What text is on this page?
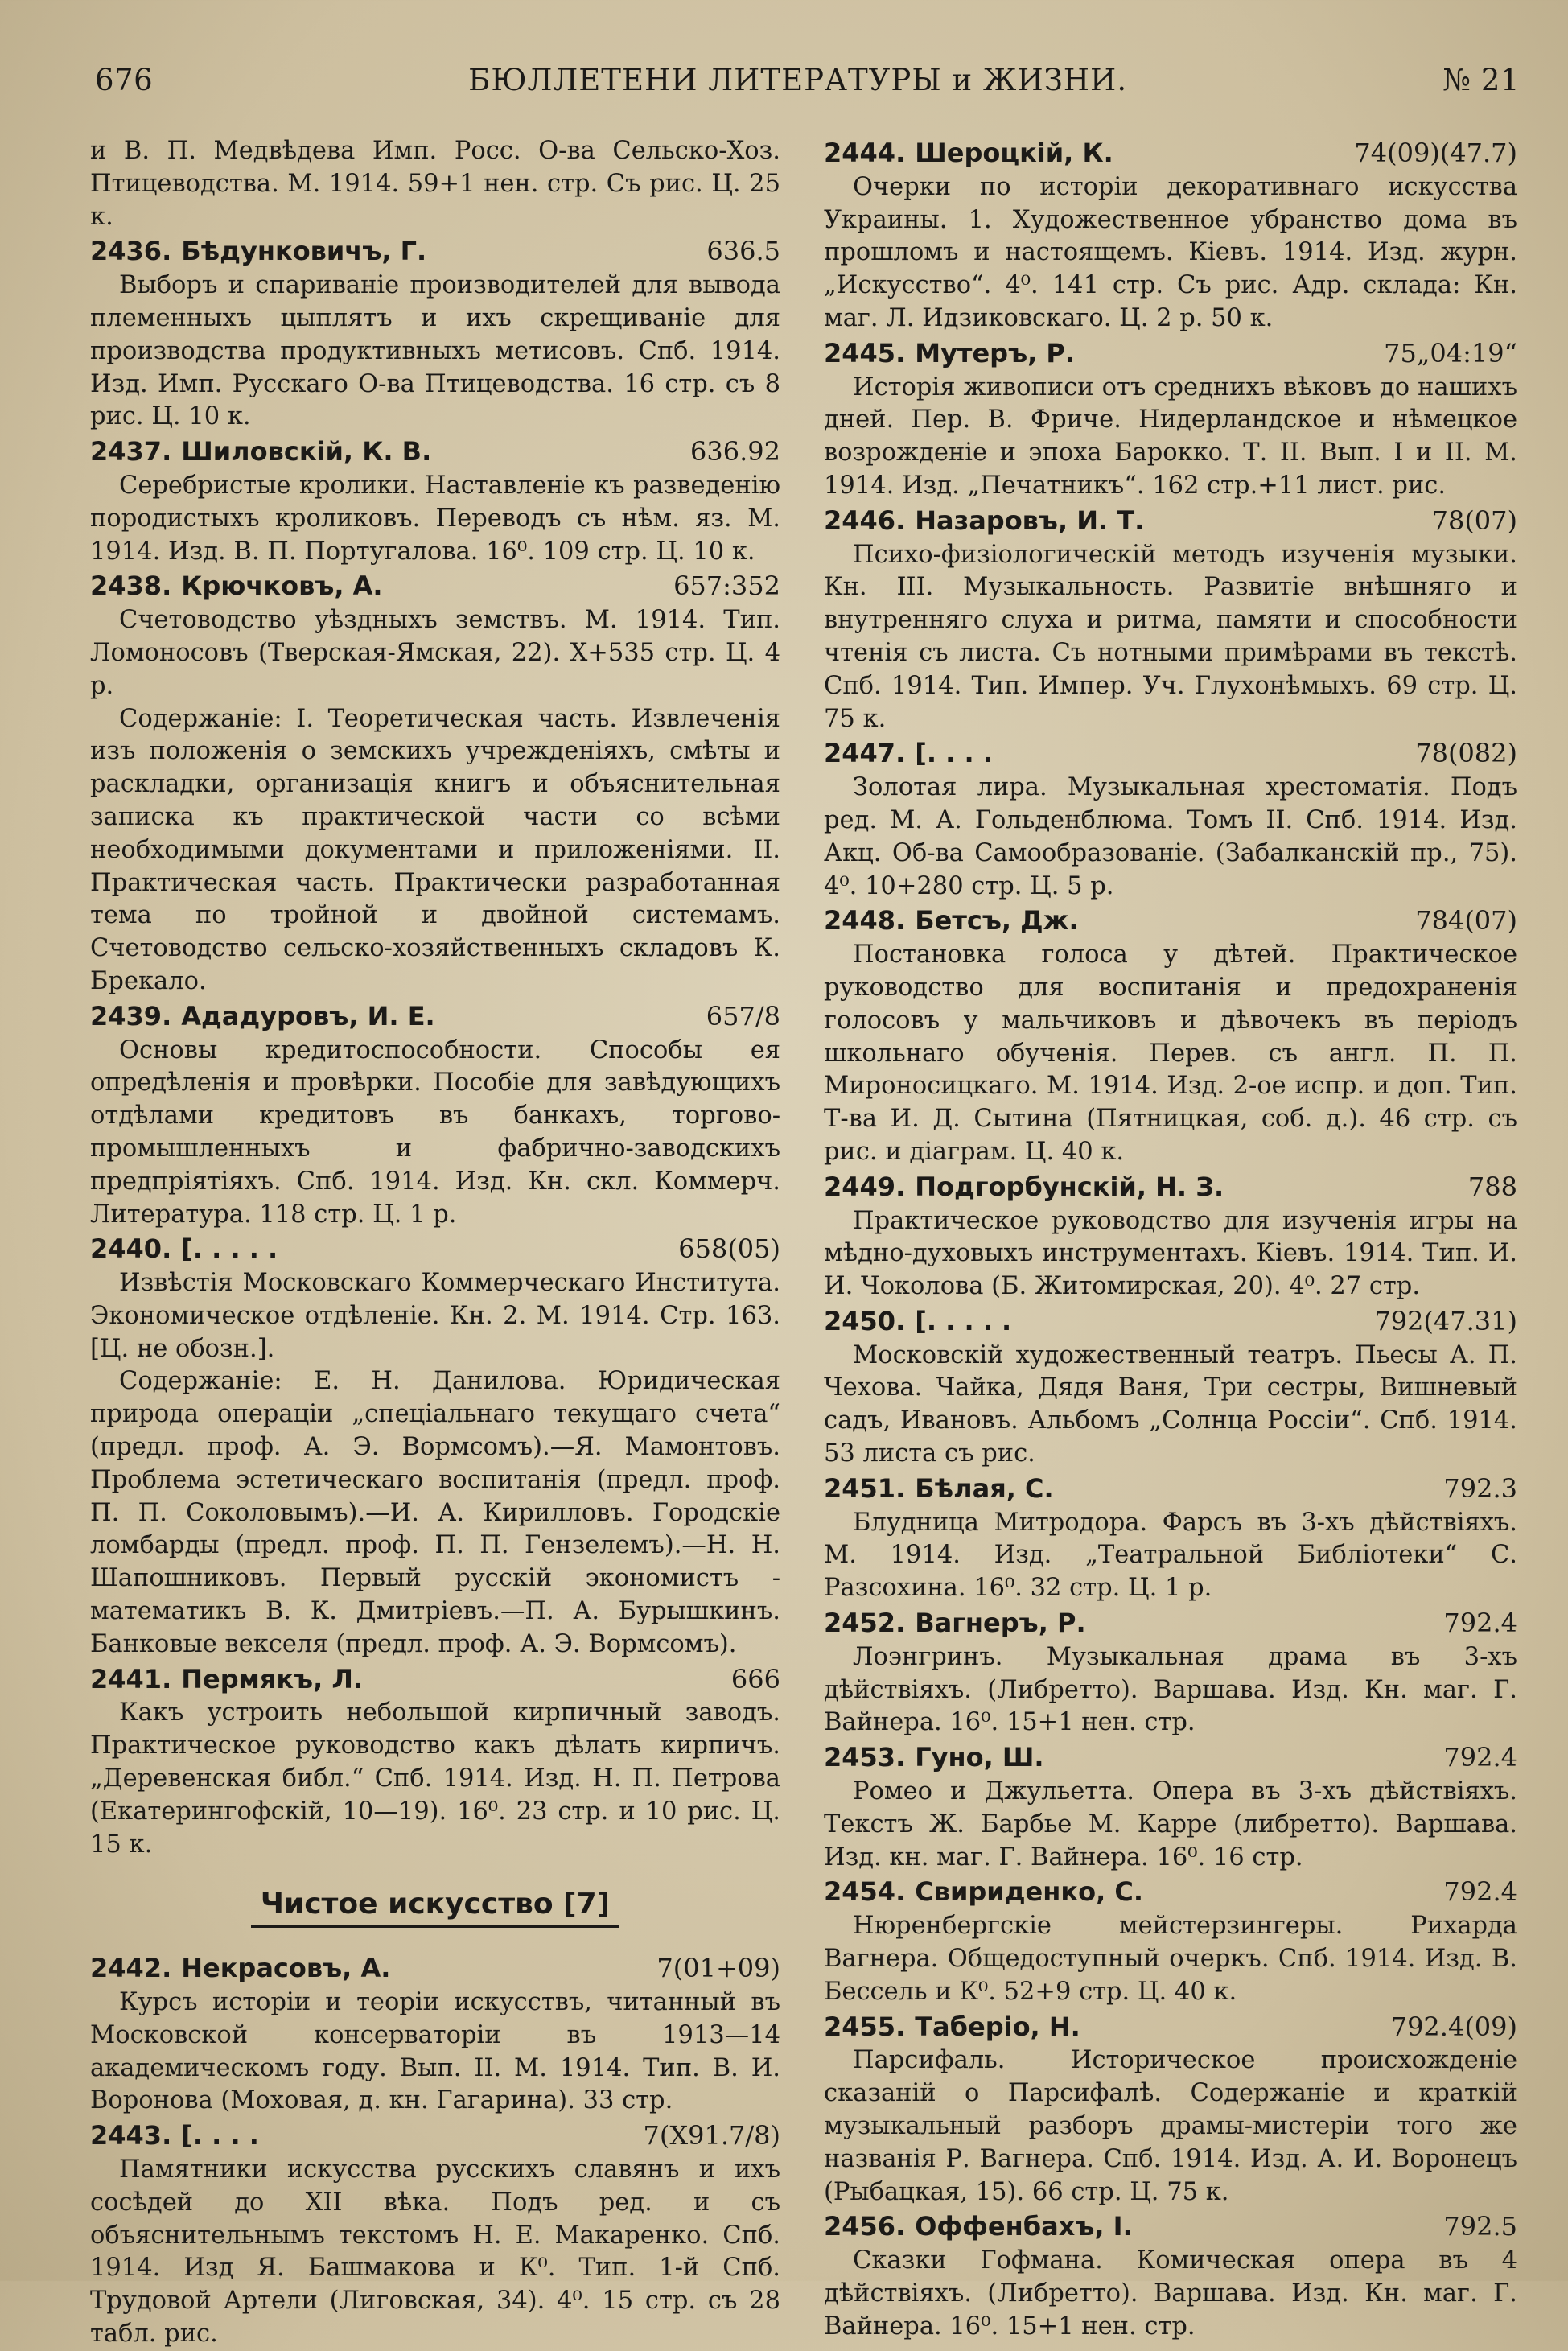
676	БЮЛЛЕТЕНИ ЛИТЕРАТУРЫ и ЖИЗНИ.	№ 21

и В. П. Медвѣдева Имп. Росс. О-ва Сельско-Хоз. Птицеводства. М. 1914. 59+1 нен. стр. Съ рис. Ц. 25 к.

2436. Бѣдунковичъ, Г.	636.5

Выборъ и спариваніе производителей для вывода племенныхъ цыплятъ и ихъ скрещиваніе для производства продуктивныхъ метисовъ. Спб. 1914. Изд. Имп. Русскаго О-ва Птицеводства. 16 стр. съ 8 рис. Ц. 10 к.

2437. Шиловскій, К. В.	636.92

Серебристые кролики. Наставленіе къ разведенію породистыхъ кроликовъ. Переводъ съ нѣм. яз. М. 1914. Изд. В. П. Португалова. 16⁰. 109 стр. Ц. 10 к.

2438. Крючковъ, А.	657:352

Счетоводство уѣздныхъ земствъ. М. 1914. Тип. Ломоносовъ (Тверская-Ямская, 22). X+535 стр. Ц. 4 р.

Содержаніе: I. Теоретическая часть. Извлеченія изъ положенія о земскихъ учрежденіяхъ, смѣты и раскладки, организація книгъ и объяснительная записка къ практической части со всѣми необходимыми документами и приложеніями. II. Практическая часть. Практически разработанная тема по тройной и двойной системамъ. Счетоводство сельско-хозяйственныхъ складовъ К. Брекало.

2439. Ададуровъ, И. Е.	657/8

Основы кредитоспособности. Способы ея опредѣленія и провѣрки. Пособіе для завѣдующихъ отдѣлами кредитовъ въ банкахъ, торгово-промышленныхъ и фабрично-заводскихъ предпріятіяхъ. Спб. 1914. Изд. Кн. скл. Коммерч. Литература. 118 стр. Ц. 1 р.

2440. [. . . . .	658(05)

Извѣстія Московскаго Коммерческаго Института. Экономическое отдѣленіе. Кн. 2. М. 1914. Стр. 163. [Ц. не обозн.].

Содержаніе: Е. Н. Данилова. Юридическая природа операціи „спеціальнаго текущаго счета“ (предл. проф. А. Э. Вормсомъ).—Я. Мамонтовъ. Проблема эстетическаго воспитанія (предл. проф. П. П. Соколовымъ).—И. А. Кирилловъ. Городскіе ломбарды (предл. проф. П. П. Гензелемъ).—Н. Н. Шапошниковъ. Первый русскій экономистъ - математикъ В. К. Дмитріевъ.—П. А. Бурышкинъ. Банковые векселя (предл. проф. А. Э. Вормсомъ).

2441. Пермякъ, Л.	666

Какъ устроить небольшой кирпичный заводъ. Практическое руководство какъ дѣлать кирпичъ. „Деревенская библ.“ Спб. 1914. Изд. Н. П. Петрова (Екатерингофскій, 10—19). 16⁰. 23 стр. и 10 рис. Ц. 15 к.

Чистое искусство [7]
2442. Некрасовъ, А.	7(01+09)

Курсъ исторіи и теоріи искусствъ, читанный въ Московской консерваторіи въ 1913—14 академическомъ году. Вып. II. М. 1914. Тип. В. И. Воронова (Моховая, д. кн. Гагарина). 33 стр.

2443. [. . . .	7(X91.7/8)

Памятники искусства русскихъ славянъ и ихъ сосѣдей до XII вѣка. Подъ ред. и съ объяснительнымъ текстомъ Н. Е. Макаренко. Спб. 1914. Изд Я. Башмакова и К⁰. Тип. 1-й Спб. Трудовой Артели (Лиговская, 34). 4⁰. 15 стр. съ 28 табл. рис.

2444. Шероцкій, К.	74(09)(47.7)

Очерки по исторіи декоративнаго искусства Украины. 1. Художественное убранство дома въ прошломъ и настоящемъ. Кіевъ. 1914. Изд. журн. „Искусство“. 4⁰. 141 стр. Съ рис. Адр. склада: Кн. маг. Л. Идзиковскаго. Ц. 2 р. 50 к.

2445. Мутеръ, Р.	75„04:19“

Исторія живописи отъ среднихъ вѣковъ до нашихъ дней. Пер. В. Фриче. Нидерландское и нѣмецкое возрожденіе и эпоха Барокко. Т. II. Вып. I и II. М. 1914. Изд. „Печатникъ“. 162 стр.+11 лист. рис.

2446. Назаровъ, И. Т.	78(07)

Психо-физіологическій методъ изученія музыки. Кн. III. Музыкальность. Развитіе внѣшняго и внутренняго слуха и ритма, памяти и способности чтенія съ листа. Съ нотными примѣрами въ текстѣ. Спб. 1914. Тип. Импер. Уч. Глухонѣмыхъ. 69 стр. Ц. 75 к.

2447. [. . . .	78(082)

Золотая лира. Музыкальная хрестоматія. Подъ ред. М. А. Гольденблюма. Томъ II. Спб. 1914. Изд. Акц. Об-ва Самообразованіе. (Забалканскій пр., 75). 4⁰. 10+280 стр. Ц. 5 р.

2448. Бетсъ, Дж.	784(07)

Постановка голоса у дѣтей. Практическое руководство для воспитанія и предохраненія голосовъ у мальчиковъ и дѣвочекъ въ періодъ школьнаго обученія. Перев. съ англ. П. П. Мироносицкаго. М. 1914. Изд. 2-ое испр. и доп. Тип. Т-ва И. Д. Сытина (Пятницкая, соб. д.). 46 стр. съ рис. и діаграм. Ц. 40 к.

2449. Подгорбунскій, Н. З.	788

Практическое руководство для изученія игры на мѣдно-духовыхъ инструментахъ. Кіевъ. 1914. Тип. И. И. Чоколова (Б. Житомирская, 20). 4⁰. 27 стр.

2450. [. . . . .	792(47.31)

Московскій художественный театръ. Пьесы А. П. Чехова. Чайка, Дядя Ваня, Три сестры, Вишневый садъ, Ивановъ. Альбомъ „Солнца Россіи“. Спб. 1914. 53 листа съ рис.

2451. Бѣлая, С.	792.3

Блудница Митродора. Фарсъ въ 3-хъ дѣйствіяхъ. М. 1914. Изд. „Театральной Библіотеки“ С. Разсохина. 16⁰. 32 стр. Ц. 1 р.

2452. Вагнеръ, Р.	792.4

Лоэнгринъ. Музыкальная драма въ 3-хъ дѣйствіяхъ. (Либретто). Варшава. Изд. Кн. маг. Г. Вайнера. 16⁰. 15+1 нен. стр.

2453. Гуно, Ш.	792.4

Ромео и Джульетта. Опера въ 3-хъ дѣйствіяхъ. Текстъ Ж. Барбье М. Карре (либретто). Варшава. Изд. кн. маг. Г. Вайнера. 16⁰. 16 стр.

2454. Свириденко, С.	792.4

Нюренбергскіе мейстерзингеры. Рихарда Вагнера. Общедоступный очеркъ. Спб. 1914. Изд. В. Бессель и К⁰. 52+9 стр. Ц. 40 к.

2455. Таберіо, Н.	792.4(09)

Парсифаль. Историческое происхожденіе сказаній о Парсифалѣ. Содержаніе и краткій музыкальный разборъ драмы-мистеріи того же названія Р. Вагнера. Спб. 1914. Изд. А. И. Воронецъ (Рыбацкая, 15). 66 стр. Ц. 75 к.

2456. Оффенбахъ, I.	792.5

Сказки Гофмана. Комическая опера въ 4 дѣйствіяхъ. (Либретто). Варшава. Изд. Кн. маг. Г. Вайнера. 16⁰. 15+1 нен. стр.
